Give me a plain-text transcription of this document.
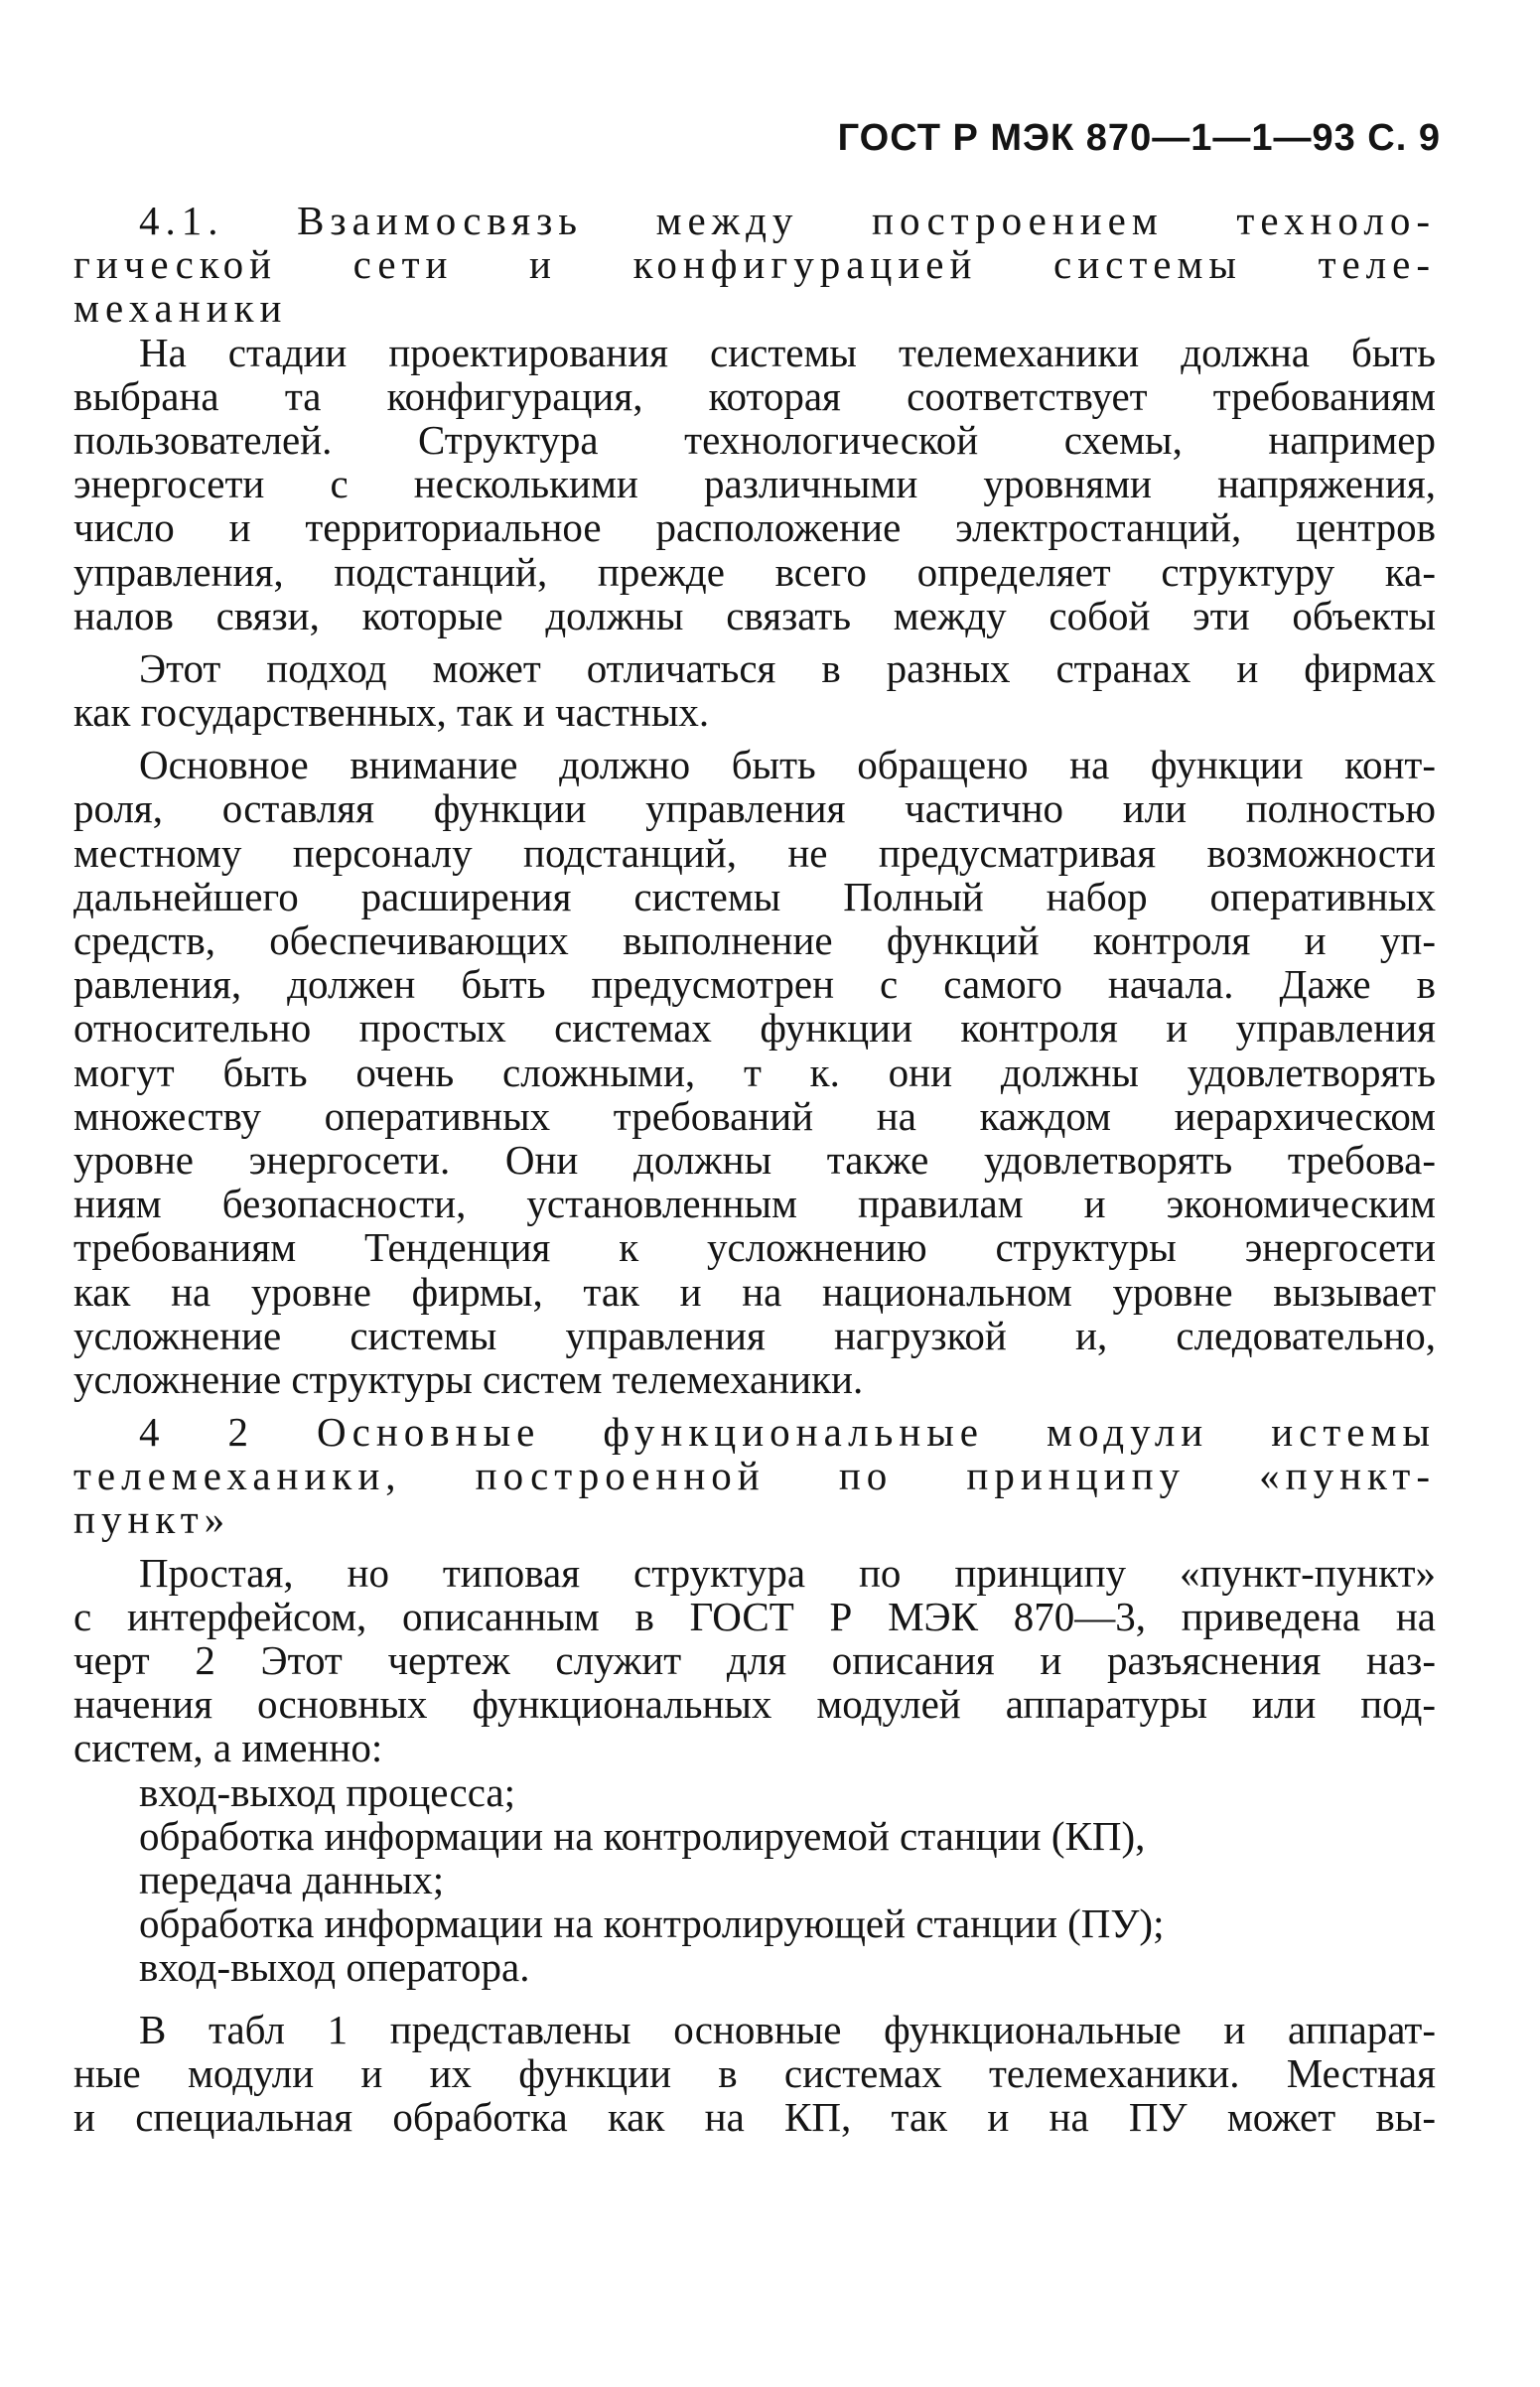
ГОСТ Р МЭК 870—1—1—93 С. 9
4.1. Взаимосвязь между построением техноло-
гической сети и конфигурацией системы теле-
механики
На стадии проектирования системы телемеханики должна быть
выбрана та конфигурация, которая соответствует требованиям
пользователей. Структура технологической схемы, например
энергосети с несколькими различными уровнями напряжения,
число и территориальное расположение электростанций, центров
управления, подстанций, прежде всего определяет структуру ка-
налов связи, которые должны связать между собой эти объекты
Этот подход может отличаться в разных странах и фирмах
как государственных, так и частных.
Основное внимание должно быть обращено на функции конт-
роля, оставляя функции управления частично или полностью
местному персоналу подстанций, не предусматривая возможности
дальнейшего расширения системы Полный набор оперативных
средств, обеспечивающих выполнение функций контроля и уп-
равления, должен быть предусмотрен с самого начала. Даже в
относительно простых системах функции контроля и управления
могут быть очень сложными, т к. они должны удовлетворять
множеству оперативных требований на каждом иерархическом
уровне энергосети. Они должны также удовлетворять требова-
ниям безопасности, установленным правилам и экономическим
требованиям Тенденция к усложнению структуры энергосети
как на уровне фирмы, так и на национальном уровне вызывает
усложнение системы управления нагрузкой и, следовательно,
усложнение структуры систем телемеханики.
4 2 Основные функциональные модули истемы
телемеханики, построенной по принципу «пункт-
пункт»
Простая, но типовая структура по принципу «пункт-пункт»
с интерфейсом, описанным в ГОСТ Р МЭК 870—3, приведена на
черт 2 Этот чертеж служит для описания и разъяснения наз-
начения основных функциональных модулей аппаратуры или под-
систем, а именно:
вход-выход процесса;
обработка информации на контролируемой станции (КП),
передача данных;
обработка информации на контролирующей станции (ПУ);
вход-выход оператора.
В табл 1 представлены основные функциональные и аппарат-
ные модули и их функции в системах телемеханики. Местная
и специальная обработка как на КП, так и на ПУ может вы-
